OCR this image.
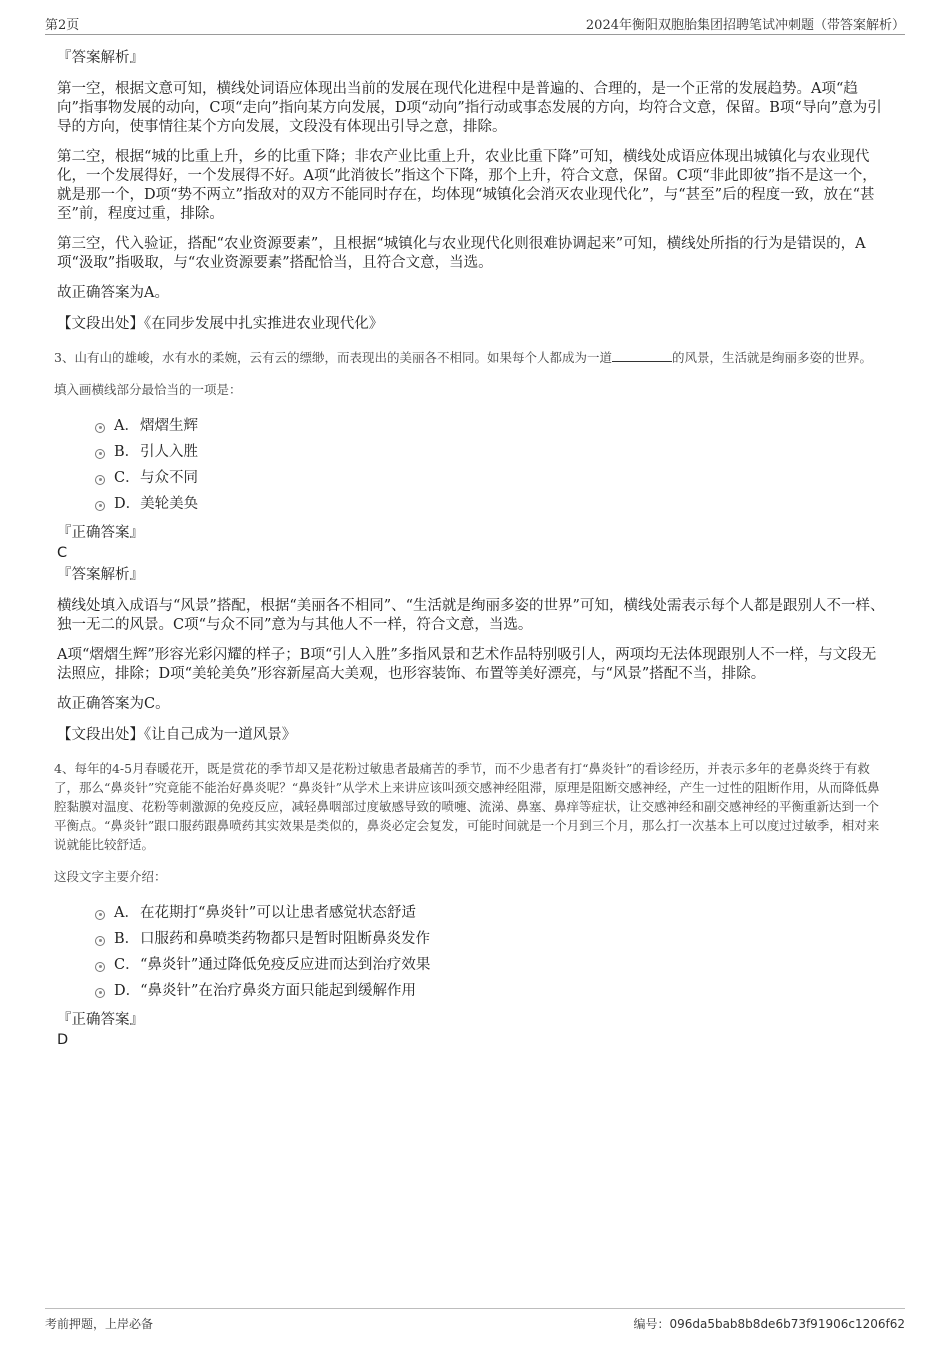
第2页	2024年衡阳双胞胎集团招聘笔试冲刺题（带答案解析）
『答案解析』

第一空，根据文意可知，横线处词语应体现出当前的发展在现代化进程中是普遍的、合理的，是一个正常的发展趋势。A项“趋向”指事物发展的动向，C项“走向”指向某方向发展，D项“动向”指行动或事态发展的方向，均符合文意，保留。B项“导向”意为引导的方向，使事情往某个方向发展，文段没有体现出引导之意，排除。

第二空，根据“城的比重上升，乡的比重下降；非农产业比重上升，农业比重下降”可知，横线处成语应体现出城镇化与农业现代化，一个发展得好，一个发展得不好。A项“此消彼长”指这个下降，那个上升，符合文意，保留。C项“非此即彼”指不是这一个，就是那一个，D项“势不两立”指敌对的双方不能同时存在，均体现“城镇化会消灭农业现代化”，与“甚至”后的程度一致，放在“甚至”前，程度过重，排除。

第三空，代入验证，搭配“农业资源要素”，且根据“城镇化与农业现代化则很难协调起来”可知，横线处所指的行为是错误的，A项“汲取”指吸取，与“农业资源要素”搭配恰当，且符合文意，当选。

故正确答案为A。

【文段出处】《在同步发展中扎实推进农业现代化》

3、山有山的雄峻，水有水的柔婉，云有云的缥缈，而表现出的美丽各不相同。如果每个人都成为一道	的风景，生活就是绚丽多姿的世界。

填入画横线部分最恰当的一项是：

A． 熠熠生辉
B． 引人入胜
C． 与众不同
D． 美轮美奂
『正确答案』
C
『答案解析』

横线处填入成语与“风景”搭配，根据“美丽各不相同”、“生活就是绚丽多姿的世界”可知，横线处需表示每个人都是跟别人不一样、独一无二的风景。C项“与众不同”意为与其他人不一样，符合文意，当选。

A项“熠熠生辉”形容光彩闪耀的样子；B项“引人入胜”多指风景和艺术作品特别吸引人，两项均无法体现跟别人不一样，与文段无法照应，排除；D项“美轮美奂”形容新屋高大美观，也形容装饰、布置等美好漂亮，与“风景”搭配不当，排除。

故正确答案为C。

【文段出处】《让自己成为一道风景》

4、每年的4-5月春暖花开，既是赏花的季节却又是花粉过敏患者最痛苦的季节，而不少患者有打“鼻炎针”的看诊经历，并表示多年的老鼻炎终于有救了，那么“鼻炎针”究竟能不能治好鼻炎呢？“鼻炎针”从学术上来讲应该叫颈交感神经阻滞，原理是阻断交感神经，产生一过性的阻断作用，从而降低鼻腔黏膜对温度、花粉等刺激源的免疫反应，减轻鼻咽部过度敏感导致的喷嚏、流涕、鼻塞、鼻痒等症状，让交感神经和副交感神经的平衡重新达到一个平衡点。“鼻炎针”跟口服药跟鼻喷药其实效果是类似的，鼻炎必定会复发，可能时间就是一个月到三个月，那么打一次基本上可以度过过敏季，相对来说就能比较舒适。

这段文字主要介绍：

A． 在花期打“鼻炎针”可以让患者感觉状态舒适
B． 口服药和鼻喷类药物都只是暂时阻断鼻炎发作
C． “鼻炎针”通过降低免疫反应进而达到治疗效果
D． “鼻炎针”在治疗鼻炎方面只能起到缓解作用
『正确答案』
D
考前押题，上岸必备	编号：096da5bab8b8de6b73f91906c1206f62
